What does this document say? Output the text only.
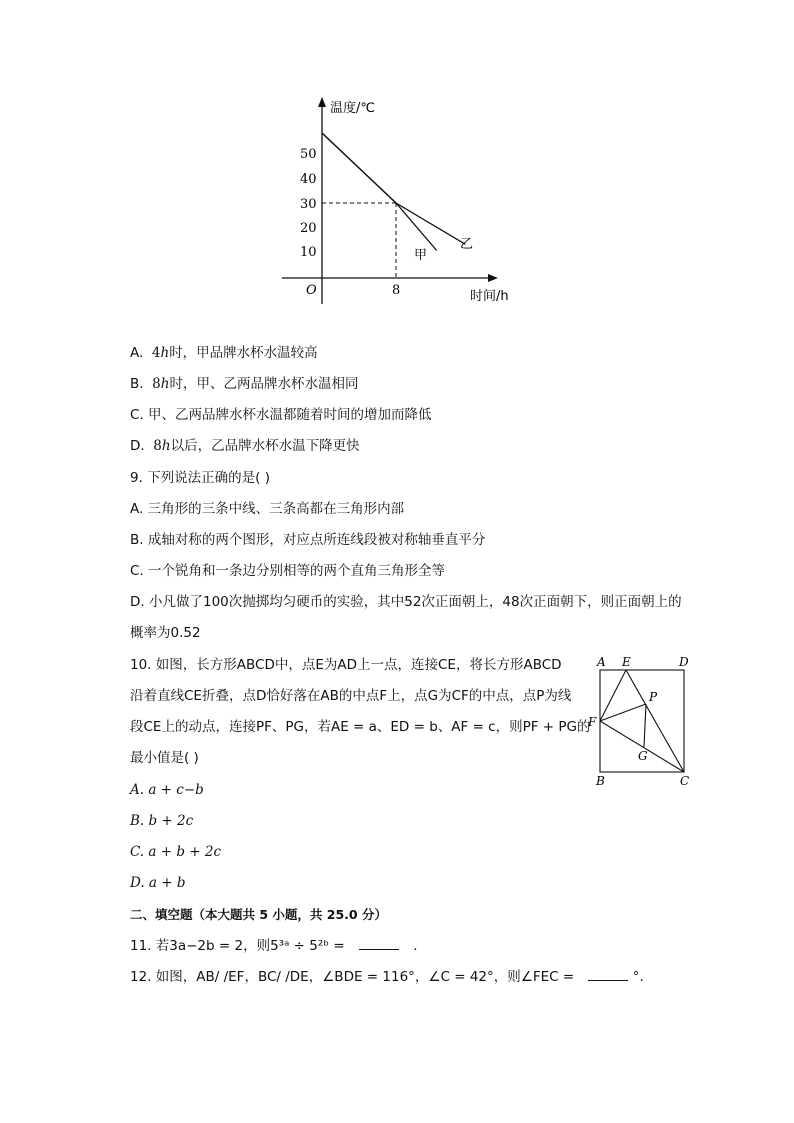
50
40
30
20
10
8
O
温度/℃
时间/h
甲
乙
A. 4h时，甲品牌水杯水温较高
B. 8h时，甲、乙两品牌水杯水温相同
C. 甲、乙两品牌水杯水温都随着时间的增加而降低
D. 8h以后，乙品牌水杯水温下降更快
9. 下列说法正确的是( )
A. 三角形的三条中线、三条高都在三角形内部
B. 成轴对称的两个图形，对应点所连线段被对称轴垂直平分
C. 一个锐角和一条边分别相等的两个直角三角形全等
D. 小凡做了100次抛掷均匀硬币的实验，其中52次正面朝上，48次正面朝下，则正面朝上的
概率为0.52
10. 如图，长方形ABCD中，点E为AD上一点，连接CE，将长方形ABCD
沿着直线CE折叠，点D恰好落在AB的中点F上，点G为CF的中点，点P为线
段CE上的动点，连接PF、PG，若AE = a、ED = b、AF = c，则PF + PG的
最小值是( )
A. a + c−b
B. b + 2c
C. a + b + 2c
D. a + b
A E	D
P
F
G
B	C
二、填空题（本大题共 5 小题，共 25.0 分）
11. 若3a−2b = 2，则5³ᵃ ÷ 5²ᵇ =	.
12. 如图，AB/ /EF，BC/ /DE，∠BDE = 116°，∠C = 42°，则∠FEC =	°.
